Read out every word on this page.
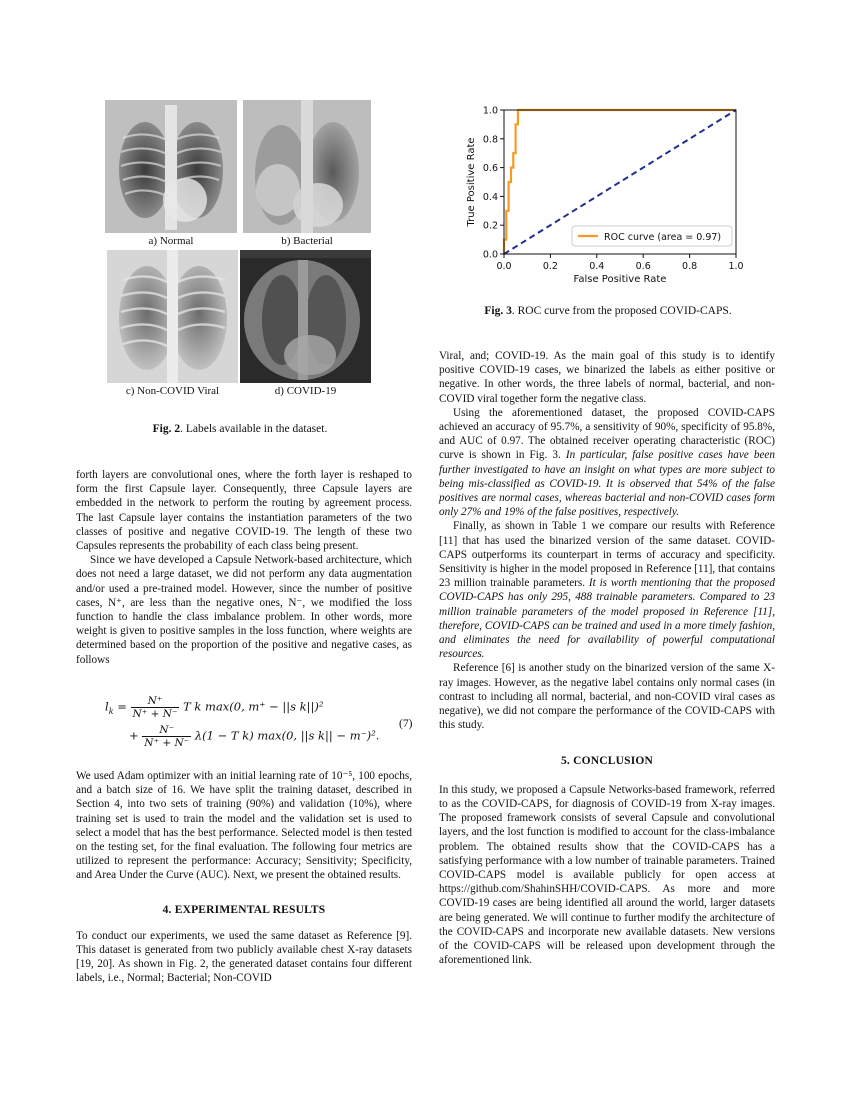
a) Normal	b) Bacterial
c) Non-COVID Viral	d) COVID-19
Fig. 2. Labels available in the dataset.
0.0
0.0
0.2
0.2
0.4
0.4
0.6
0.6
0.8
0.8
1.0
1.0
False Positive Rate
True Positive Rate
ROC curve (area = 0.97)
Fig. 3. ROC curve from the proposed COVID-CAPS.

forth layers are convolutional ones, where the forth layer is reshaped to form the first Capsule layer. Consequently, three Capsule layers are embedded in the network to perform the routing by agreement process. The last Capsule layer contains the instantiation parameters of the two classes of positive and negative COVID-19. The length of these two Capsules represents the probability of each class being present.

Since we have developed a Capsule Network-based architecture, which does not need a large dataset, we did not perform any data augmentation and/or used a pre-trained model. However, since the number of positive cases, N⁺, are less than the negative ones, N⁻, we modified the loss function to handle the class imbalance problem. In other words, more weight is given to positive samples in the loss function, where weights are determined based on the proportion of the positive and negative cases, as follows

$l_k = \frac{N^+}{N^+ + N^-}$ T k max(0, m⁺ − ||s k||)²
+ $\frac{N^-}{N^+ + N^-} \lambda(1 - T$ k) max(0, ||s k|| − m⁻)².
(7)

We used Adam optimizer with an initial learning rate of 10⁻⁵, 100 epochs, and a batch size of 16. We have split the training dataset, described in Section 4, into two sets of training (90%) and validation (10%), where training set is used to train the model and the validation set is used to select a model that has the best performance. Selected model is then tested on the testing set, for the final evaluation. The following four metrics are utilized to represent the performance: Accuracy; Sensitivity; Specificity, and Area Under the Curve (AUC). Next, we present the obtained results.

4. EXPERIMENTAL RESULTS

To conduct our experiments, we used the same dataset as Reference [9]. This dataset is generated from two publicly available chest X-ray datasets [19, 20]. As shown in Fig. 2, the generated dataset contains four different labels, i.e., Normal; Bacterial; Non-COVID

Viral, and; COVID-19. As the main goal of this study is to identify positive COVID-19 cases, we binarized the labels as either positive or negative. In other words, the three labels of normal, bacterial, and non-COVID viral together form the negative class.

Using the aforementioned dataset, the proposed COVID-CAPS achieved an accuracy of 95.7%, a sensitivity of 90%, specificity of 95.8%, and AUC of 0.97. The obtained receiver operating characteristic (ROC) curve is shown in Fig. 3. In particular, false positive cases have been further investigated to have an insight on what types are more subject to being mis-classified as COVID-19. It is observed that 54% of the false positives are normal cases, whereas bacterial and non-COVID cases form only 27% and 19% of the false positives, respectively.

Finally, as shown in Table 1 we compare our results with Reference [11] that has used the binarized version of the same dataset. COVID-CAPS outperforms its counterpart in terms of accuracy and specificity. Sensitivity is higher in the model proposed in Reference [11], that contains 23 million trainable parameters. It is worth mentioning that the proposed COVID-CAPS has only 295, 488 trainable parameters. Compared to 23 million trainable parameters of the model proposed in Reference [11], therefore, COVID-CAPS can be trained and used in a more timely fashion, and eliminates the need for availability of powerful computational resources.

Reference [6] is another study on the binarized version of the same X-ray images. However, as the negative label contains only normal cases (in contrast to including all normal, bacterial, and non-COVID viral cases as negative), we did not compare the performance of the COVID-CAPS with this study.

5. CONCLUSION

In this study, we proposed a Capsule Networks-based framework, referred to as the COVID-CAPS, for diagnosis of COVID-19 from X-ray images. The proposed framework consists of several Capsule and convolutional layers, and the lost function is modified to account for the class-imbalance problem. The obtained results show that the COVID-CAPS has a satisfying performance with a low number of trainable parameters. Trained COVID-CAPS model is available publicly for open access at https://github.com/ShahinSHH/COVID-CAPS. As more and more COVID-19 cases are being identified all around the world, larger datasets are being generated. We will continue to further modify the architecture of the COVID-CAPS and incorporate new available datasets. New versions of the COVID-CAPS will be released upon development through the aforementioned link.
